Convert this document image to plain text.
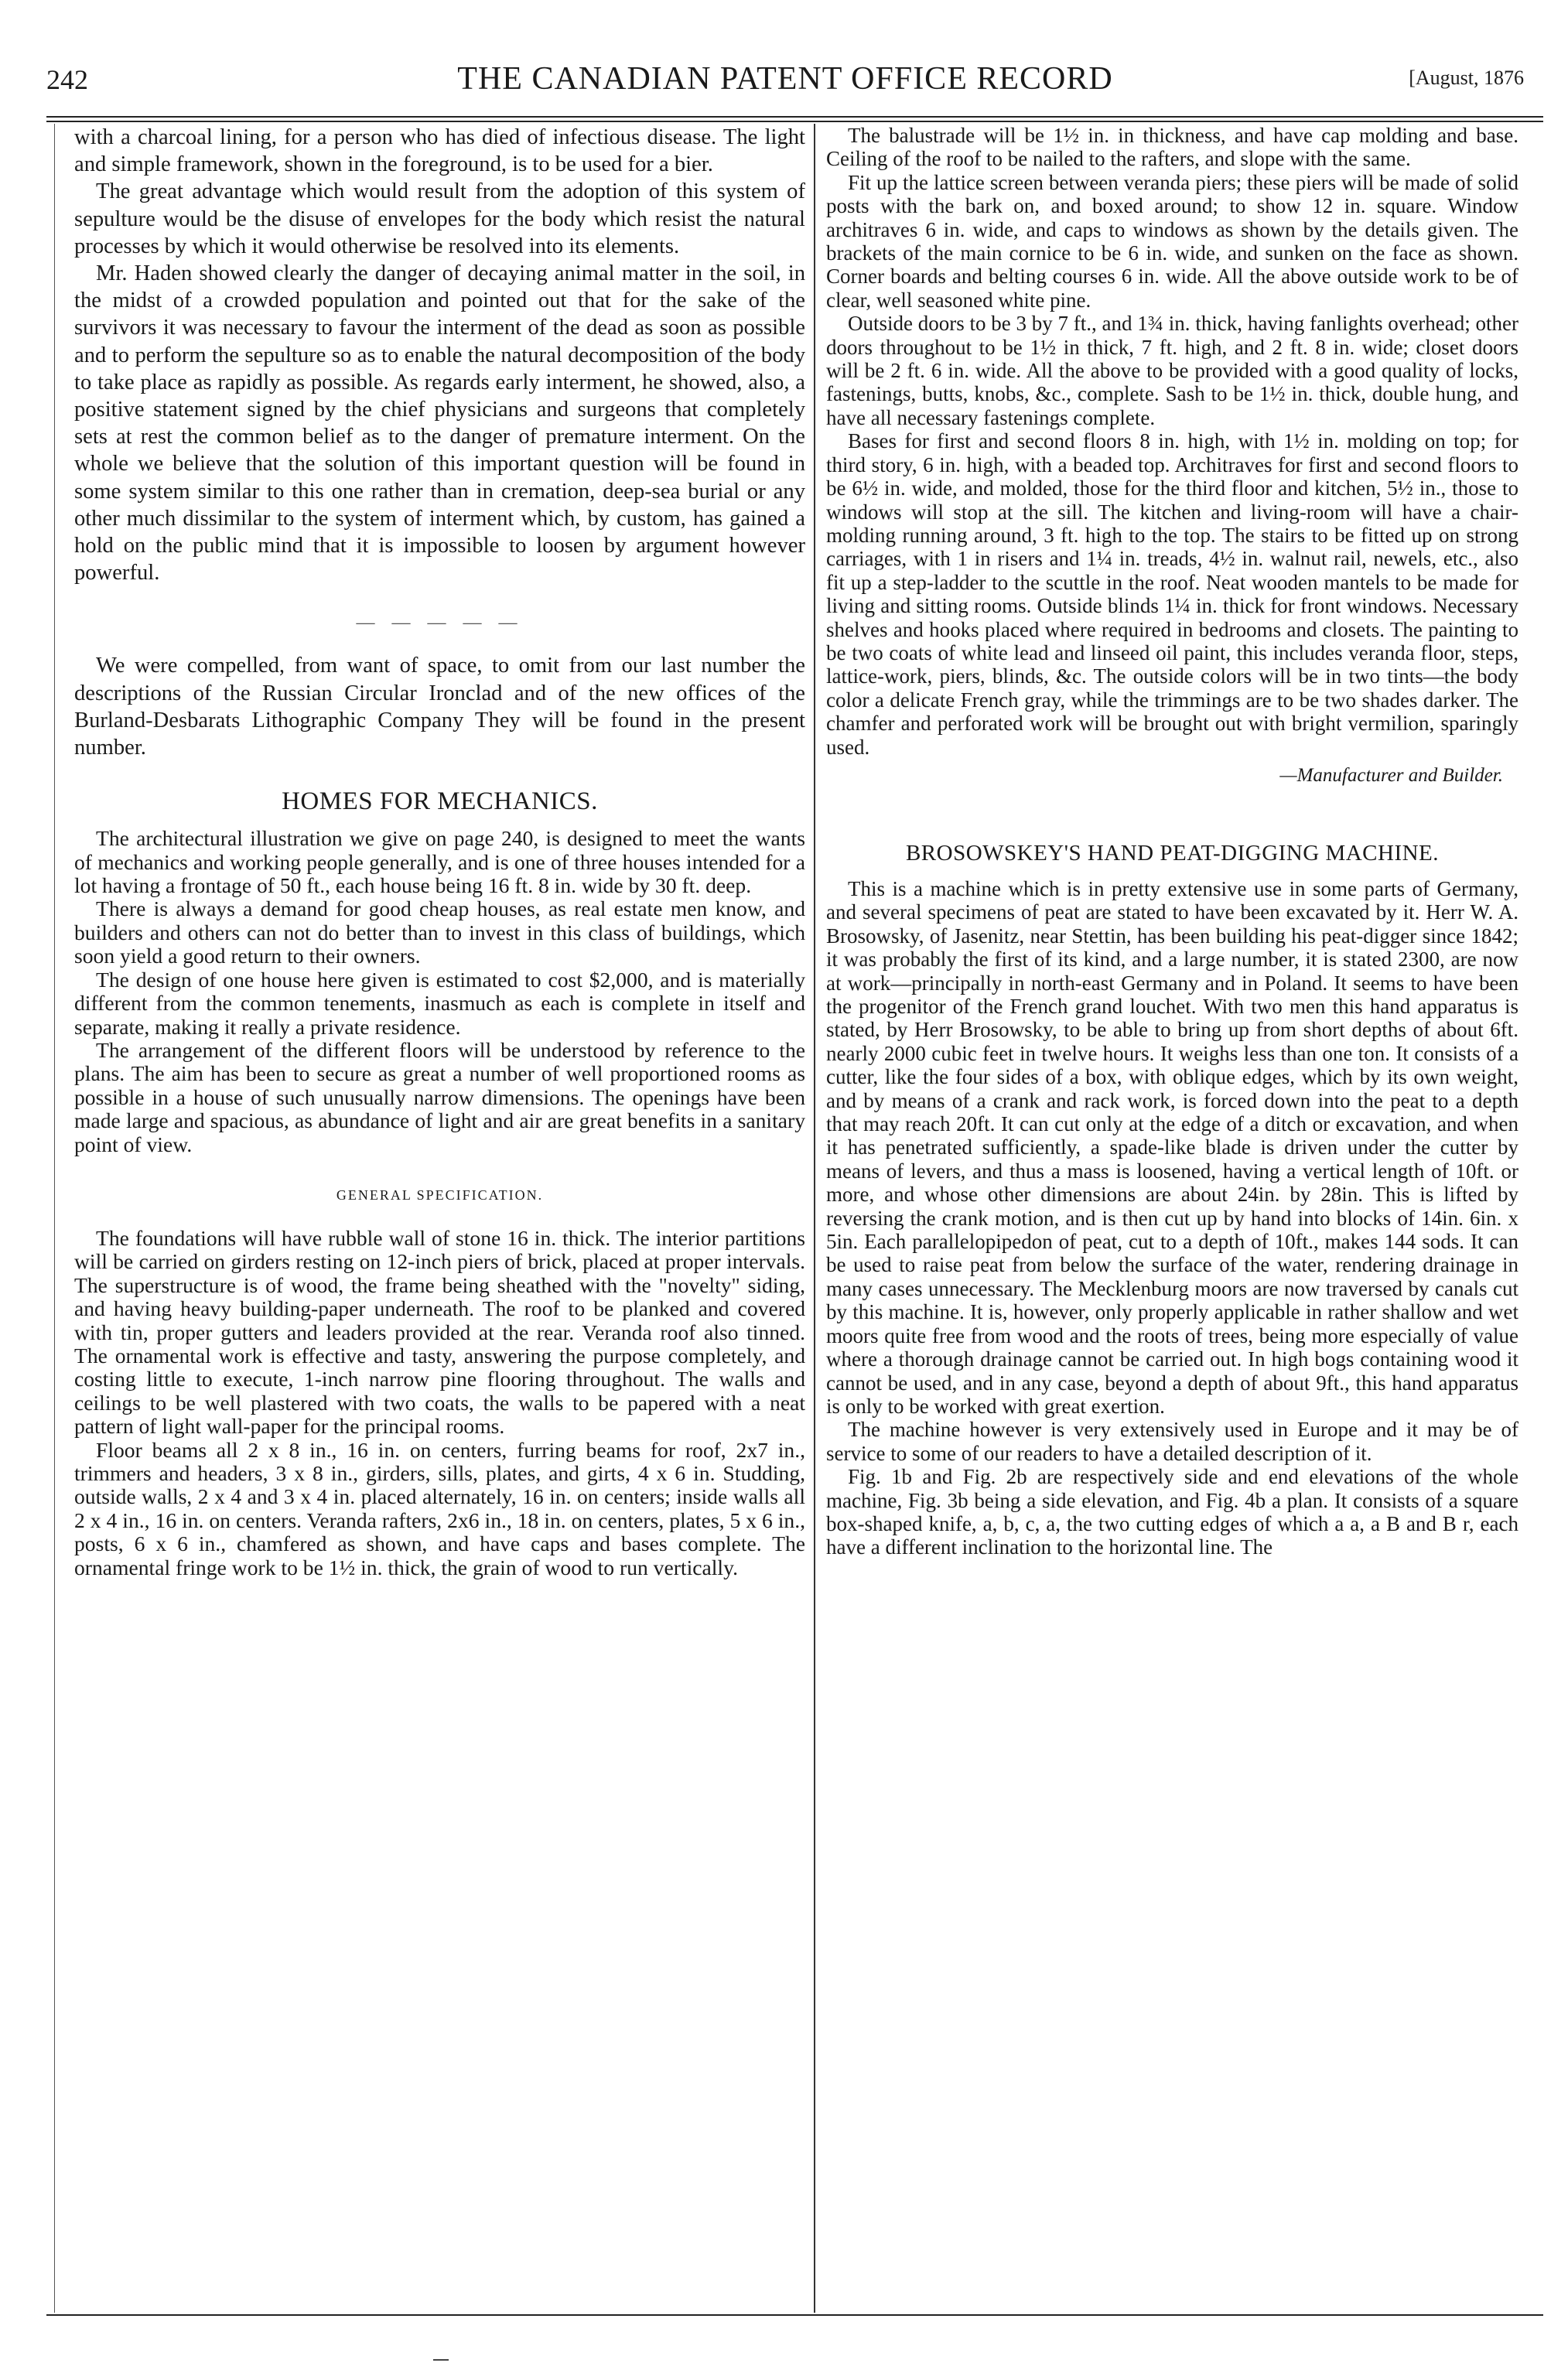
242	THE CANADIAN PATENT OFFICE RECORD	[August, 1876

with a charcoal lining, for a person who has died of infectious disease. The light and simple framework, shown in the foreground, is to be used for a bier.

The great advantage which would result from the adoption of this system of sepulture would be the disuse of envelopes for the body which resist the natural processes by which it would otherwise be resolved into its elements.

Mr. Haden showed clearly the danger of decaying animal matter in the soil, in the midst of a crowded population and pointed out that for the sake of the survivors it was necessary to favour the interment of the dead as soon as possible and to perform the sepulture so as to enable the natural decomposition of the body to take place as rapidly as possible. As regards early interment, he showed, also, a positive statement signed by the chief physicians and surgeons that completely sets at rest the common belief as to the danger of premature interment. On the whole we believe that the solution of this important question will be found in some system similar to this one rather than in cremation, deep-sea burial or any other much dissimilar to the system of interment which, by custom, has gained a hold on the public mind that it is impossible to loosen by argument however powerful.

— — — — —

We were compelled, from want of space, to omit from our last number the descriptions of the Russian Circular Ironclad and of the new offices of the Burland-Desbarats Lithographic Company They will be found in the present number.

HOMES FOR MECHANICS.

The architectural illustration we give on page 240, is designed to meet the wants of mechanics and working people generally, and is one of three houses intended for a lot having a frontage of 50 ft., each house being 16 ft. 8 in. wide by 30 ft. deep.

There is always a demand for good cheap houses, as real estate men know, and builders and others can not do better than to invest in this class of buildings, which soon yield a good return to their owners.

The design of one house here given is estimated to cost $2,000, and is materially different from the common tenements, inasmuch as each is complete in itself and separate, making it really a private residence.

The arrangement of the different floors will be understood by reference to the plans. The aim has been to secure as great a number of well proportioned rooms as possible in a house of such unusually narrow dimensions. The openings have been made large and spacious, as abundance of light and air are great benefits in a sanitary point of view.

GENERAL SPECIFICATION.

The foundations will have rubble wall of stone 16 in. thick. The interior partitions will be carried on girders resting on 12-inch piers of brick, placed at proper intervals. The superstructure is of wood, the frame being sheathed with the "novelty" siding, and having heavy building-paper underneath. The roof to be planked and covered with tin, proper gutters and leaders provided at the rear. Veranda roof also tinned. The ornamental work is effective and tasty, answering the purpose completely, and costing little to execute, 1-inch narrow pine flooring throughout. The walls and ceilings to be well plastered with two coats, the walls to be papered with a neat pattern of light wall-paper for the principal rooms.

Floor beams all 2 x 8 in., 16 in. on centers, furring beams for roof, 2x7 in., trimmers and headers, 3 x 8 in., girders, sills, plates, and girts, 4 x 6 in. Studding, outside walls, 2 x 4 and 3 x 4 in. placed alternately, 16 in. on centers; inside walls all 2 x 4 in., 16 in. on centers. Veranda rafters, 2x6 in., 18 in. on centers, plates, 5 x 6 in., posts, 6 x 6 in., chamfered as shown, and have caps and bases complete. The ornamental fringe work to be 1½ in. thick, the grain of wood to run vertically.

The balustrade will be 1½ in. in thickness, and have cap molding and base. Ceiling of the roof to be nailed to the rafters, and slope with the same.

Fit up the lattice screen between veranda piers; these piers will be made of solid posts with the bark on, and boxed around; to show 12 in. square. Window architraves 6 in. wide, and caps to windows as shown by the details given. The brackets of the main cornice to be 6 in. wide, and sunken on the face as shown. Corner boards and belting courses 6 in. wide. All the above outside work to be of clear, well seasoned white pine.

Outside doors to be 3 by 7 ft., and 1¾ in. thick, having fanlights overhead; other doors throughout to be 1½ in thick, 7 ft. high, and 2 ft. 8 in. wide; closet doors will be 2 ft. 6 in. wide. All the above to be provided with a good quality of locks, fastenings, butts, knobs, &c., complete. Sash to be 1½ in. thick, double hung, and have all necessary fastenings complete.

Bases for first and second floors 8 in. high, with 1½ in. molding on top; for third story, 6 in. high, with a beaded top. Architraves for first and second floors to be 6½ in. wide, and molded, those for the third floor and kitchen, 5½ in., those to windows will stop at the sill. The kitchen and living-room will have a chair-molding running around, 3 ft. high to the top. The stairs to be fitted up on strong carriages, with 1 in risers and 1¼ in. treads, 4½ in. walnut rail, newels, etc., also fit up a step-ladder to the scuttle in the roof. Neat wooden mantels to be made for living and sitting rooms. Outside blinds 1¼ in. thick for front windows. Necessary shelves and hooks placed where required in bedrooms and closets. The painting to be two coats of white lead and linseed oil paint, this includes veranda floor, steps, lattice-work, piers, blinds, &c. The outside colors will be in two tints—the body color a delicate French gray, while the trimmings are to be two shades darker. The chamfer and perforated work will be brought out with bright vermilion, sparingly used.

—Manufacturer and Builder.
BROSOWSKEY'S HAND PEAT-DIGGING MACHINE.

This is a machine which is in pretty extensive use in some parts of Germany, and several specimens of peat are stated to have been excavated by it. Herr W. A. Brosowsky, of Jasenitz, near Stettin, has been building his peat-digger since 1842; it was probably the first of its kind, and a large number, it is stated 2300, are now at work—principally in north-east Germany and in Poland. It seems to have been the progenitor of the French grand louchet. With two men this hand apparatus is stated, by Herr Brosowsky, to be able to bring up from short depths of about 6ft. nearly 2000 cubic feet in twelve hours. It weighs less than one ton. It consists of a cutter, like the four sides of a box, with oblique edges, which by its own weight, and by means of a crank and rack work, is forced down into the peat to a depth that may reach 20ft. It can cut only at the edge of a ditch or excavation, and when it has penetrated sufficiently, a spade-like blade is driven under the cutter by means of levers, and thus a mass is loosened, having a vertical length of 10ft. or more, and whose other dimensions are about 24in. by 28in. This is lifted by reversing the crank motion, and is then cut up by hand into blocks of 14in. 6in. x 5in. Each parallelopipedon of peat, cut to a depth of 10ft., makes 144 sods. It can be used to raise peat from below the surface of the water, rendering drainage in many cases unnecessary. The Mecklenburg moors are now traversed by canals cut by this machine. It is, however, only properly applicable in rather shallow and wet moors quite free from wood and the roots of trees, being more especially of value where a thorough drainage cannot be carried out. In high bogs containing wood it cannot be used, and in any case, beyond a depth of about 9ft., this hand apparatus is only to be worked with great exertion.

The machine however is very extensively used in Europe and it may be of service to some of our readers to have a detailed description of it.

Fig. 1b and Fig. 2b are respectively side and end elevations of the whole machine, Fig. 3b being a side elevation, and Fig. 4b a plan. It consists of a square box-shaped knife, a, b, c, a, the two cutting edges of which a a, a B and B r, each have a different inclination to the horizontal line. The
